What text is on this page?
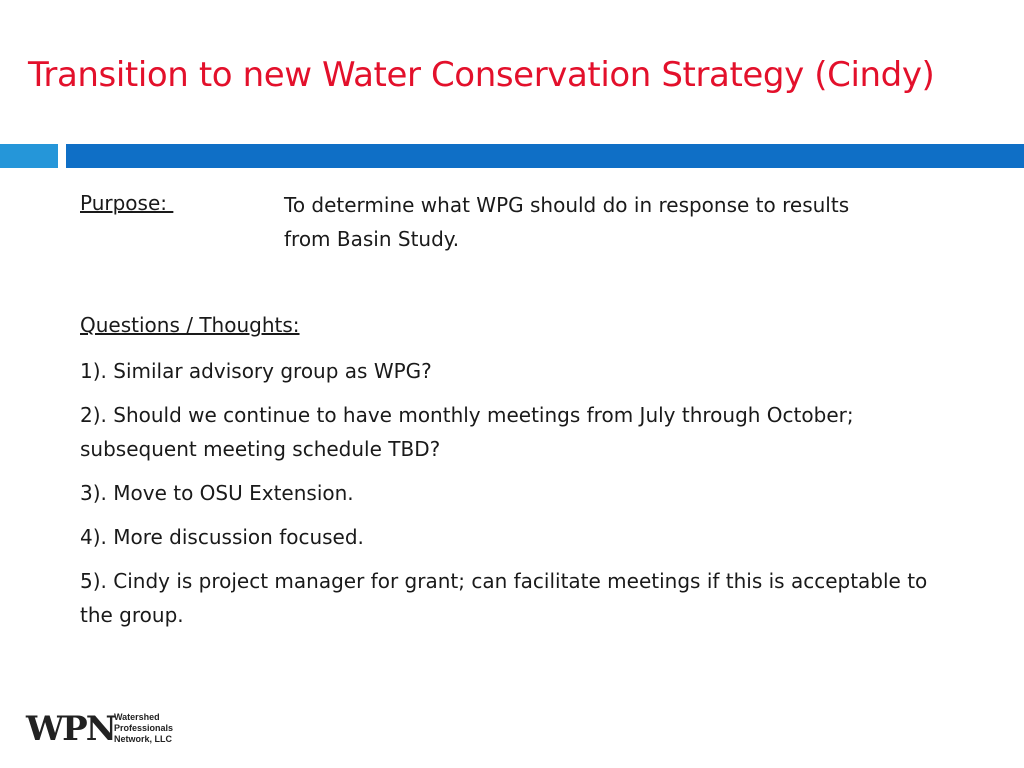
Transition to new Water Conservation Strategy (Cindy)
Purpose:	To determine what WPG should do in response to results from Basin Study.

Questions / Thoughts:
1). Similar advisory group as WPG?
2). Should we continue to have monthly meetings from July through October; subsequent meeting schedule TBD?
3). Move to OSU Extension.
4). More discussion focused.
5). Cindy is project manager for grant; can facilitate meetings if this is acceptable to the group.
WPN Watershed
Professionals
Network, LLC
